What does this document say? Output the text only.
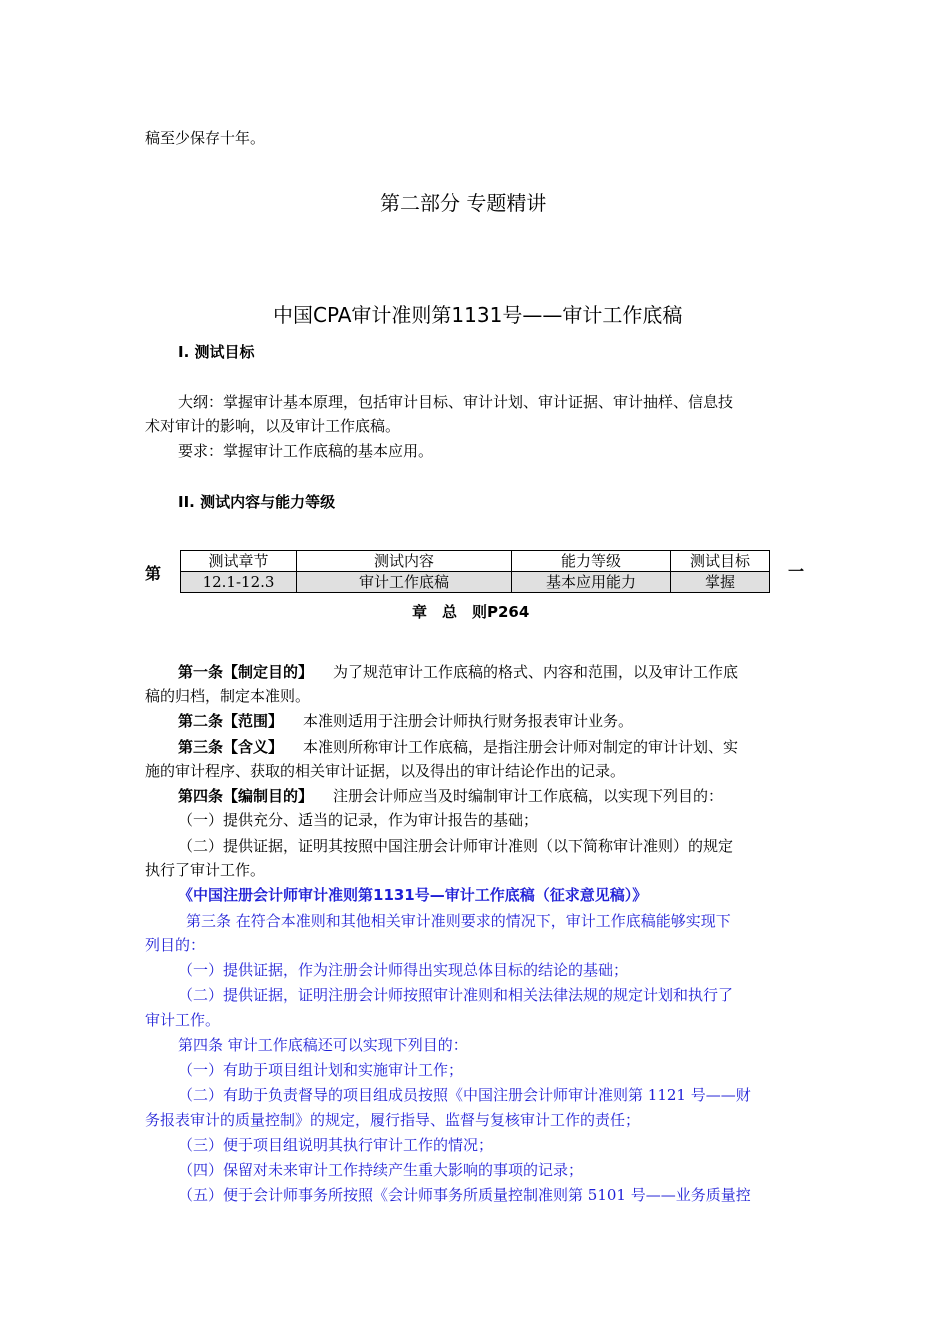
稿至少保存十年。
第二部分 专题精讲
中国CPA审计准则第1131号——审计工作底稿
I. 测试目标
大纲：掌握审计基本原理，包括审计目标、审计计划、审计证据、审计抽样、信息技
术对审计的影响，以及审计工作底稿。
要求：掌握审计工作底稿的基本应用。
II. 测试内容与能力等级
第
测试章节	测试内容	能力等级	测试目标
12.1-12.3	审计工作底稿	基本应用能力	掌握
一
章　总　则P264
第一条【制定目的】 为了规范审计工作底稿的格式、内容和范围，以及审计工作底
稿的归档，制定本准则。
第二条【范围】 本准则适用于注册会计师执行财务报表审计业务。
第三条【含义】 本准则所称审计工作底稿，是指注册会计师对制定的审计计划、实
施的审计程序、获取的相关审计证据，以及得出的审计结论作出的记录。
第四条【编制目的】 注册会计师应当及时编制审计工作底稿，以实现下列目的：
（一）提供充分、适当的记录，作为审计报告的基础；
（二）提供证据，证明其按照中国注册会计师审计准则（以下简称审计准则）的规定
执行了审计工作。
《中国注册会计师审计准则第1131号—审计工作底稿（征求意见稿）》
第三条 在符合本准则和其他相关审计准则要求的情况下，审计工作底稿能够实现下
列目的：
（一）提供证据，作为注册会计师得出实现总体目标的结论的基础；
（二）提供证据，证明注册会计师按照审计准则和相关法律法规的规定计划和执行了
审计工作。
第四条 审计工作底稿还可以实现下列目的：
（一）有助于项目组计划和实施审计工作；
（二）有助于负责督导的项目组成员按照《中国注册会计师审计准则第 1121 号——财
务报表审计的质量控制》的规定，履行指导、监督与复核审计工作的责任；
（三）便于项目组说明其执行审计工作的情况；
（四）保留对未来审计工作持续产生重大影响的事项的记录；
（五）便于会计师事务所按照《会计师事务所质量控制准则第 5101 号——业务质量控
